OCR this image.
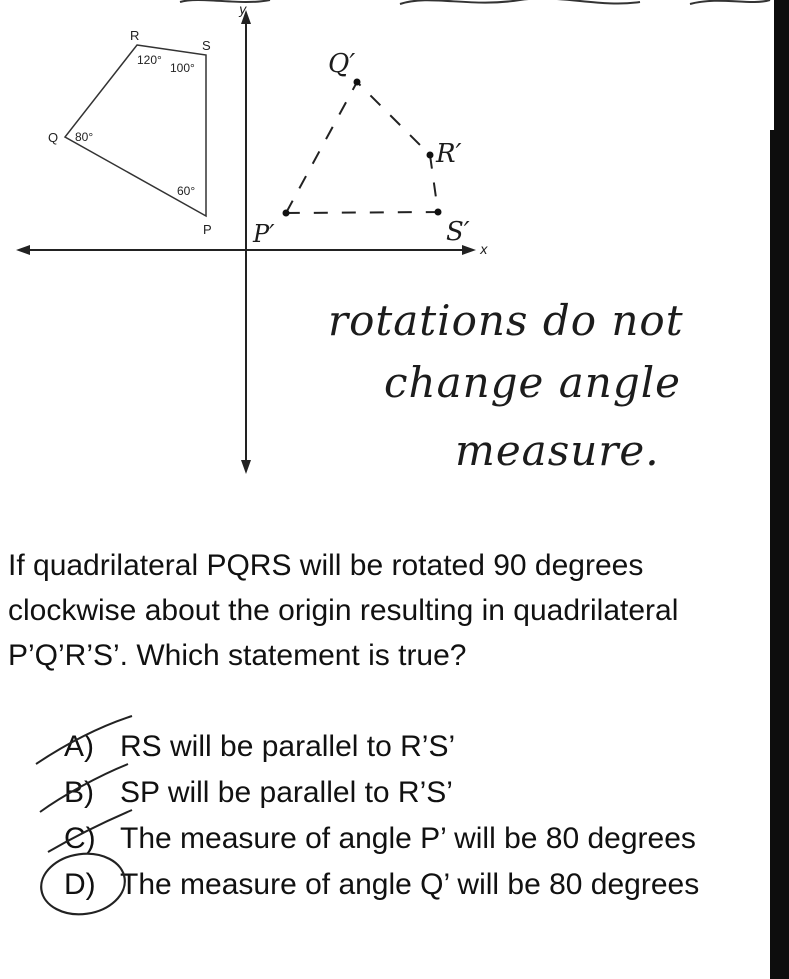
x
y
R
S
Q
P
120°
100°
80°
60°
P′
Q′
R′
S′
rotations do not
change angle
measure.
If quadrilateral PQRS will be rotated 90 degrees clockwise about the origin resulting in quadrilateral P’Q’R’S’. Which statement is true?
A) RS will be parallel to R’S’
B) SP will be parallel to R’S’
C) The measure of angle P’ will be 80 degrees
D) The measure of angle Q’ will be 80 degrees
